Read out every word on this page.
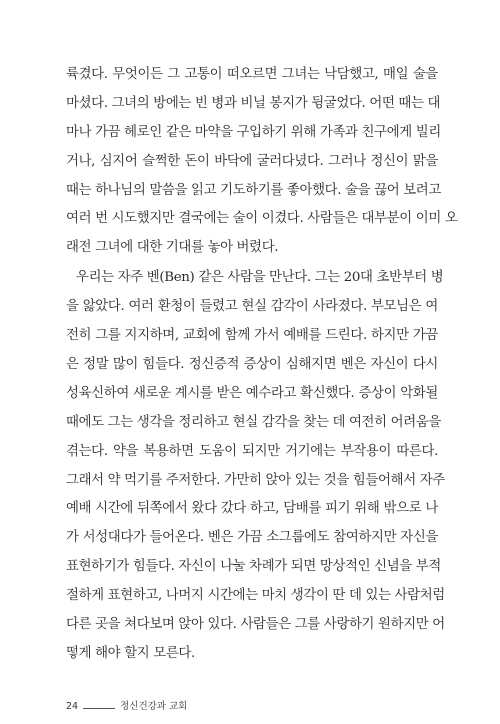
륙겼다. 무엇이든 그 고통이 떠오르면 그녀는 낙담했고, 매일 술을
마셨다. 그녀의 방에는 빈 병과 비닐 봉지가 뒹굴었다. 어떤 때는 대
마나 가끔 헤로인 같은 마약을 구입하기 위해 가족과 친구에게 빌리
거나, 심지어 슬쩍한 돈이 바닥에 굴러다녔다. 그러나 정신이 맑을
때는 하나님의 말씀을 읽고 기도하기를 좋아했다. 술을 끊어 보려고
여러 번 시도했지만 결국에는 술이 이겼다. 사람들은 대부분이 이미 오
래전 그녀에 대한 기대를 놓아 버렸다.
우리는 자주 벤(Ben) 같은 사람을 만난다. 그는 20대 초반부터 병
을 앓았다. 여러 환청이 들렸고 현실 감각이 사라졌다. 부모님은 여
전히 그를 지지하며, 교회에 함께 가서 예배를 드린다. 하지만 가끔
은 정말 많이 힘들다. 정신증적 증상이 심해지면 벤은 자신이 다시
성육신하여 새로운 계시를 받은 예수라고 확신했다. 증상이 악화될
때에도 그는 생각을 정리하고 현실 감각을 찾는 데 여전히 어려움을
겪는다. 약을 복용하면 도움이 되지만 거기에는 부작용이 따른다.
그래서 약 먹기를 주저한다. 가만히 앉아 있는 것을 힘들어해서 자주
예배 시간에 뒤쪽에서 왔다 갔다 하고, 담배를 피기 위해 밖으로 나
가 서성대다가 들어온다. 벤은 가끔 소그룹에도 참여하지만 자신을
표현하기가 힘들다. 자신이 나눌 차례가 되면 망상적인 신념을 부적
절하게 표현하고, 나머지 시간에는 마치 생각이 딴 데 있는 사람처럼
다른 곳을 쳐다보며 앉아 있다. 사람들은 그를 사랑하기 원하지만 어
떻게 해야 할지 모른다.
24	정신건강과 교회
